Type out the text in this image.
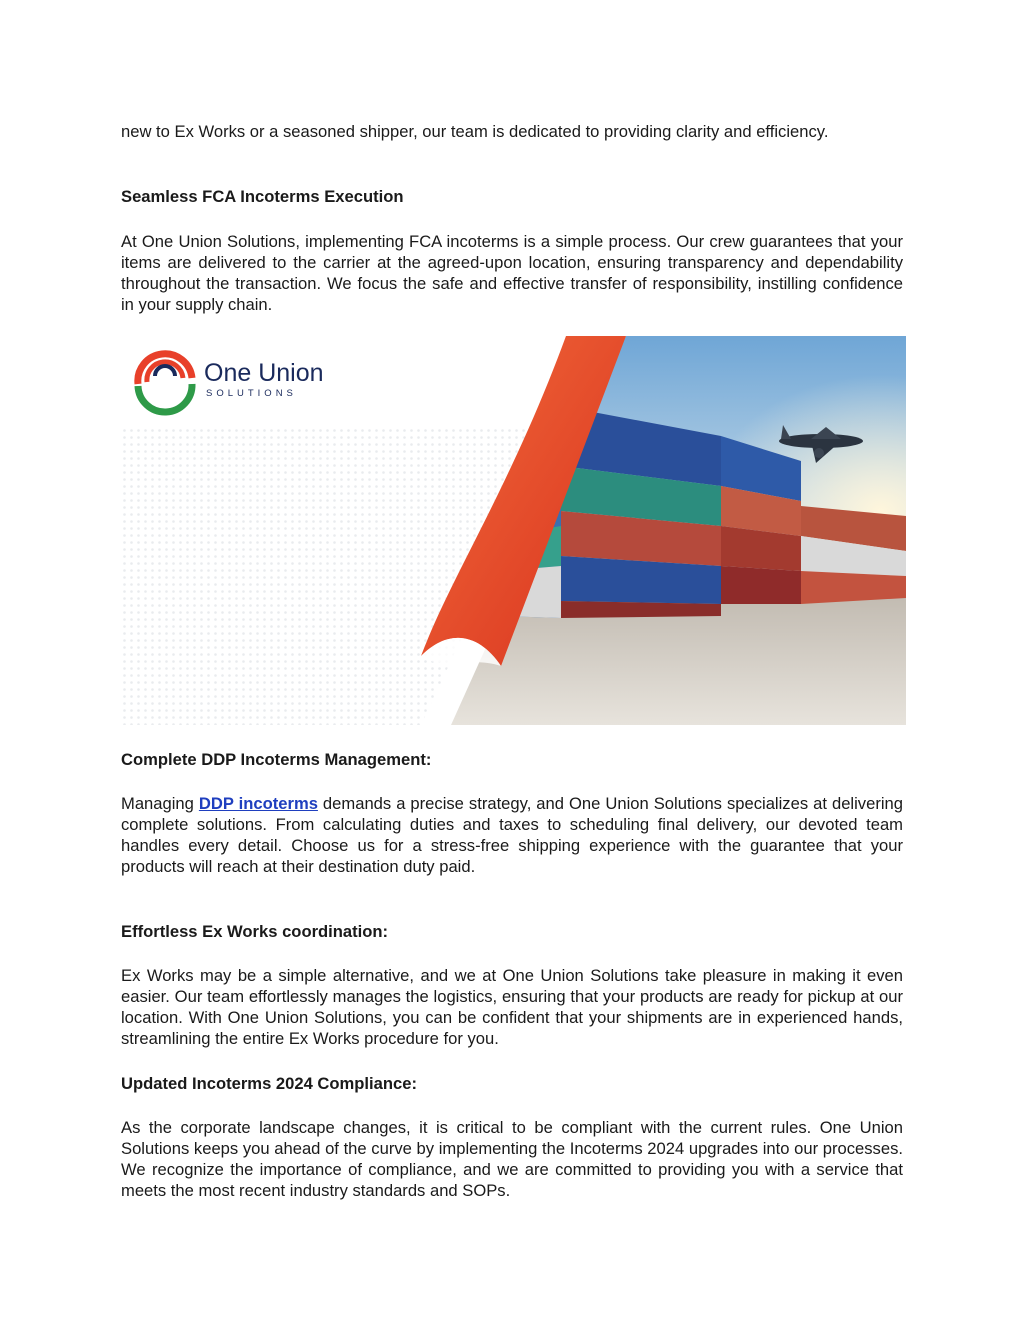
new to Ex Works or a seasoned shipper, our team is dedicated to providing clarity and efficiency.

Seamless FCA Incoterms Execution

At One Union Solutions, implementing FCA incoterms is a simple process. Our crew guarantees that your items are delivered to the carrier at the agreed-upon location, ensuring transparency and dependability throughout the transaction. We focus the safe and effective transfer of responsibility, instilling confidence in your supply chain.

One Union
SOLUTIONS

Complete DDP Incoterms Management:

Managing DDP incoterms demands a precise strategy, and One Union Solutions specializes at delivering complete solutions. From calculating duties and taxes to scheduling final delivery, our devoted team handles every detail. Choose us for a stress-free shipping experience with the guarantee that your products will reach at their destination duty paid.

Effortless Ex Works coordination:

Ex Works may be a simple alternative, and we at One Union Solutions take pleasure in making it even easier. Our team effortlessly manages the logistics, ensuring that your products are ready for pickup at our location. With One Union Solutions, you can be confident that your shipments are in experienced hands, streamlining the entire Ex Works procedure for you.

Updated Incoterms 2024 Compliance:

As the corporate landscape changes, it is critical to be compliant with the current rules. One Union Solutions keeps you ahead of the curve by implementing the Incoterms 2024 upgrades into our processes. We recognize the importance of compliance, and we are committed to providing you with a service that meets the most recent industry standards and SOPs.
